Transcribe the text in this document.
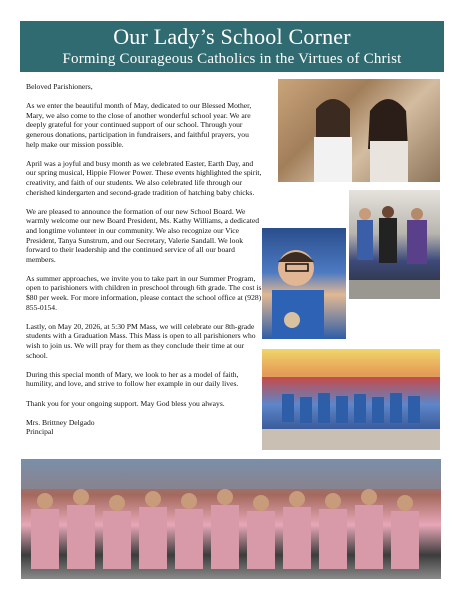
Our Lady’s School Corner
Forming Courageous Catholics in the Virtues of Christ

Beloved Parishioners,

As we enter the beautiful month of May, dedicated to our Blessed Mother, Mary, we also come to the close of another wonderful school year. We are deeply grateful for your continued support of our school. Through your generous donations, participation in fundraisers, and faithful prayers, you help make our mission possible.

April was a joyful and busy month as we celebrated Easter, Earth Day, and our spring musical, Hippie Flower Power. These events highlighted the spirit, creativity, and faith of our students. We also celebrated life through our cherished kindergarten and second-grade tradition of hatching baby chicks.

We are pleased to announce the formation of our new School Board. We warmly welcome our new Board President, Ms. Kathy Williams, a dedicated and longtime volunteer in our community. We also recognize our Vice President, Tanya Sunstrum, and our Secretary, Valerie Sandall. We look forward to their leadership and the continued service of all our board members.

As summer approaches, we invite you to take part in our Summer Program, open to parishioners with children in preschool through 6th grade. The cost is $80 per week. For more information, please contact the school office at (928) 855-0154.

Lastly, on May 20, 2026, at 5:30 PM Mass, we will celebrate our 8th-grade students with a Graduation Mass. This Mass is open to all parishioners who wish to join us. We will pray for them as they conclude their time at our school.

During this special month of Mary, we look to her as a model of faith, humility, and love, and strive to follow her example in our daily lives.

Thank you for your ongoing support. May God bless you always.

Mrs. Brittney Delgado
Principal
